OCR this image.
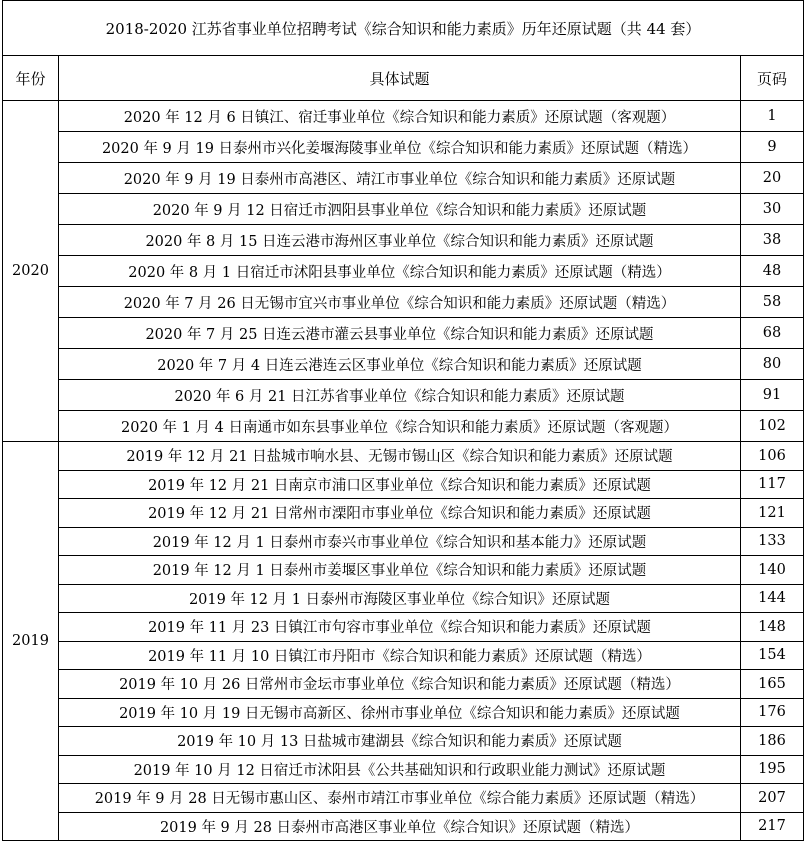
2018-2020 江苏省事业单位招聘考试《综合知识和能力素质》历年还原试题（共 44 套）		
年份	具体试题	页码
2020	2020 年 12 月 6 日镇江、宿迁事业单位《综合知识和能力素质》还原试题（客观题）	1
	2020 年 9 月 19 日泰州市兴化姜堰海陵事业单位《综合知识和能力素质》还原试题（精选）	9
	2020 年 9 月 19 日泰州市高港区、靖江市事业单位《综合知识和能力素质》还原试题	20
	2020 年 9 月 12 日宿迁市泗阳县事业单位《综合知识和能力素质》还原试题	30
	2020 年 8 月 15 日连云港市海州区事业单位《综合知识和能力素质》还原试题	38
	2020 年 8 月 1 日宿迁市沭阳县事业单位《综合知识和能力素质》还原试题（精选）	48
	2020 年 7 月 26 日无锡市宜兴市事业单位《综合知识和能力素质》还原试题（精选）	58
	2020 年 7 月 25 日连云港市灌云县事业单位《综合知识和能力素质》还原试题	68
	2020 年 7 月 4 日连云港连云区事业单位《综合知识和能力素质》还原试题	80
	2020 年 6 月 21 日江苏省事业单位《综合知识和能力素质》还原试题	91
	2020 年 1 月 4 日南通市如东县事业单位《综合知识和能力素质》还原试题（客观题）	102
2019	2019 年 12 月 21 日盐城市响水县、无锡市锡山区《综合知识和能力素质》还原试题	106
	2019 年 12 月 21 日南京市浦口区事业单位《综合知识和能力素质》还原试题	117
	2019 年 12 月 21 日常州市溧阳市事业单位《综合知识和能力素质》还原试题	121
	2019 年 12 月 1 日泰州市泰兴市事业单位《综合知识和基本能力》还原试题	133
	2019 年 12 月 1 日泰州市姜堰区事业单位《综合知识和能力素质》还原试题	140
	2019 年 12 月 1 日泰州市海陵区事业单位《综合知识》还原试题	144
	2019 年 11 月 23 日镇江市句容市事业单位《综合知识和能力素质》还原试题	148
	2019 年 11 月 10 日镇江市丹阳市《综合知识和能力素质》还原试题（精选）	154
	2019 年 10 月 26 日常州市金坛市事业单位《综合知识和能力素质》还原试题（精选）	165
	2019 年 10 月 19 日无锡市高新区、徐州市事业单位《综合知识和能力素质》还原试题	176
	2019 年 10 月 13 日盐城市建湖县《综合知识和能力素质》还原试题	186
	2019 年 10 月 12 日宿迁市沭阳县《公共基础知识和行政职业能力测试》还原试题	195
	2019 年 9 月 28 日无锡市惠山区、泰州市靖江市事业单位《综合能力素质》还原试题（精选）	207
	2019 年 9 月 28 日泰州市高港区事业单位《综合知识》还原试题（精选）	217
